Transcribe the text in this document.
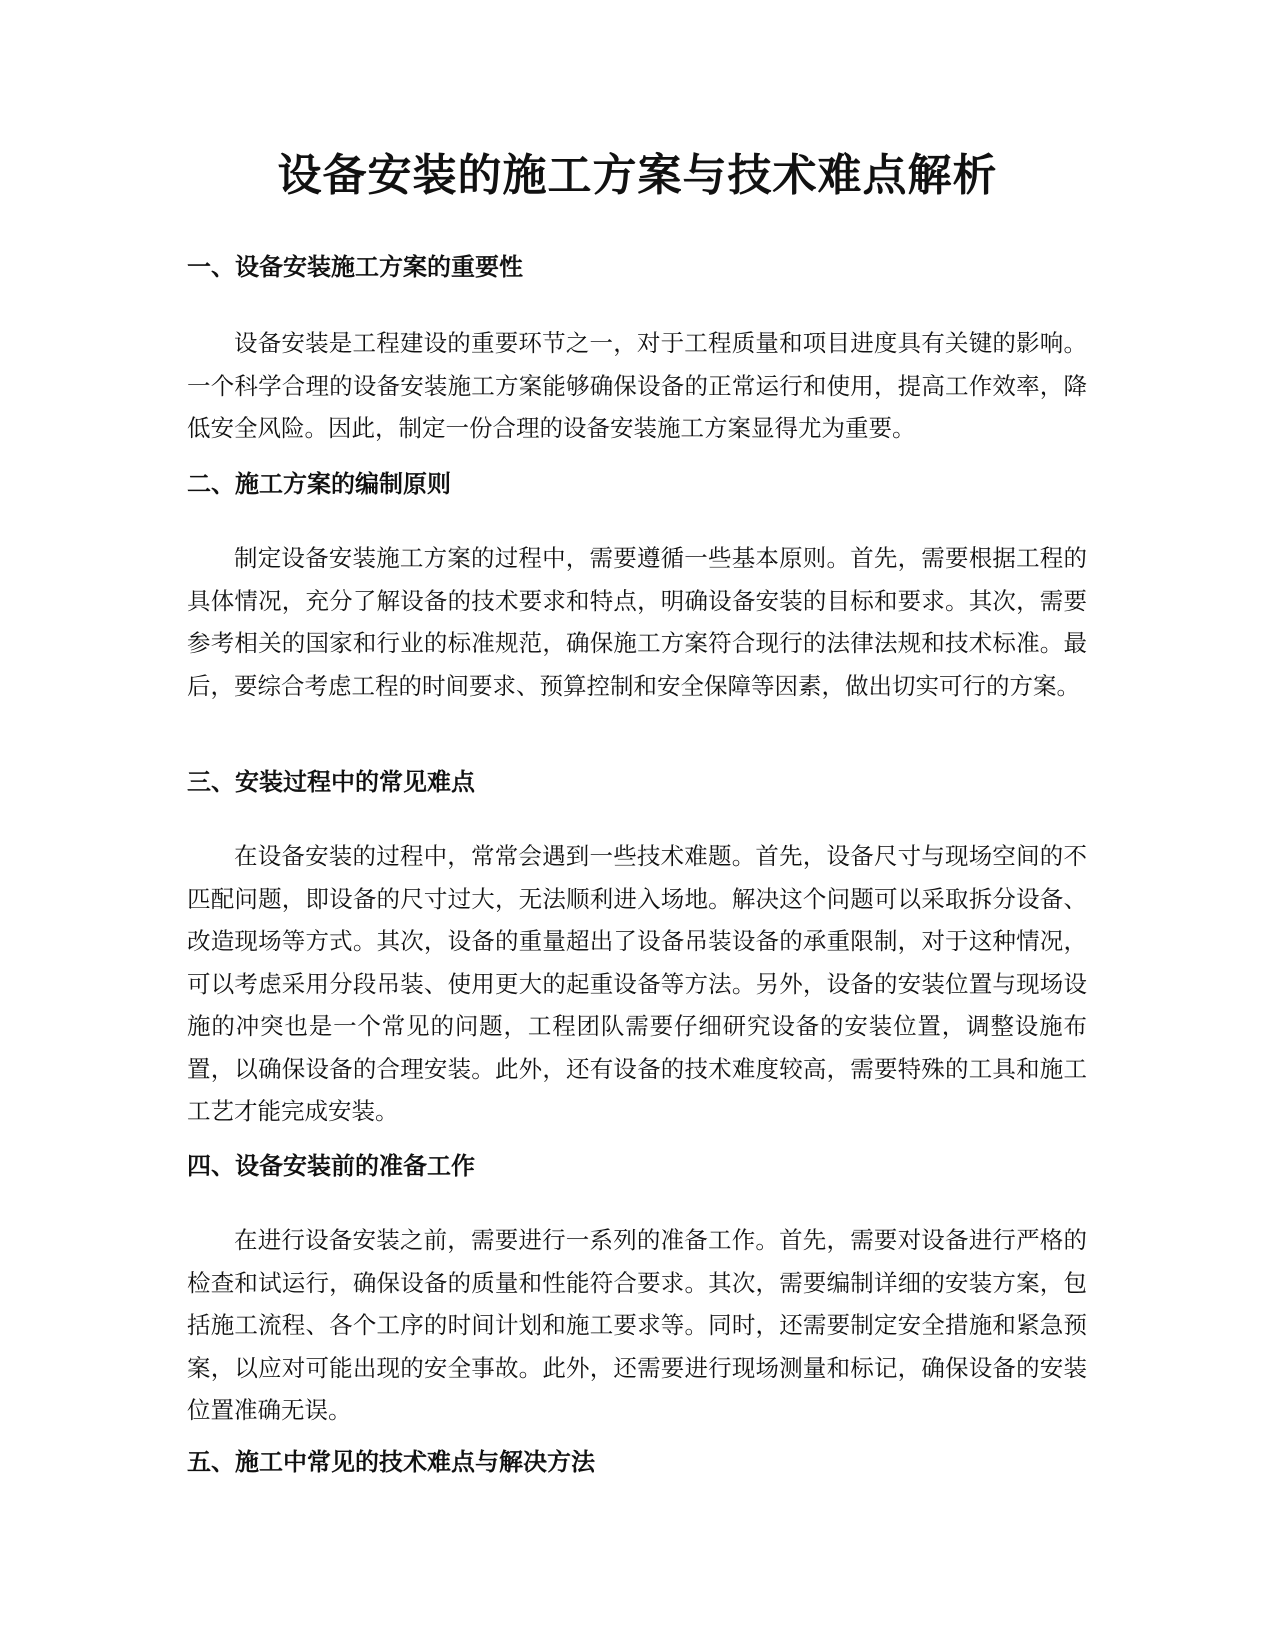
设备安装的施工方案与技术难点解析
一、设备安装施工方案的重要性

设备安装是工程建设的重要环节之一，对于工程质量和项目进度具有关键的影响。一个科学合理的设备安装施工方案能够确保设备的正常运行和使用，提高工作效率，降低安全风险。因此，制定一份合理的设备安装施工方案显得尤为重要。

二、施工方案的编制原则

制定设备安装施工方案的过程中，需要遵循一些基本原则。首先，需要根据工程的具体情况，充分了解设备的技术要求和特点，明确设备安装的目标和要求。其次，需要参考相关的国家和行业的标准规范，确保施工方案符合现行的法律法规和技术标准。最后，要综合考虑工程的时间要求、预算控制和安全保障等因素，做出切实可行的方案。

三、安装过程中的常见难点

在设备安装的过程中，常常会遇到一些技术难题。首先，设备尺寸与现场空间的不匹配问题，即设备的尺寸过大，无法顺利进入场地。解决这个问题可以采取拆分设备、改造现场等方式。其次，设备的重量超出了设备吊装设备的承重限制，对于这种情况，可以考虑采用分段吊装、使用更大的起重设备等方法。另外，设备的安装位置与现场设施的冲突也是一个常见的问题，工程团队需要仔细研究设备的安装位置，调整设施布置，以确保设备的合理安装。此外，还有设备的技术难度较高，需要特殊的工具和施工工艺才能完成安装。

四、设备安装前的准备工作

在进行设备安装之前，需要进行一系列的准备工作。首先，需要对设备进行严格的检查和试运行，确保设备的质量和性能符合要求。其次，需要编制详细的安装方案，包括施工流程、各个工序的时间计划和施工要求等。同时，还需要制定安全措施和紧急预案，以应对可能出现的安全事故。此外，还需要进行现场测量和标记，确保设备的安装位置准确无误。

五、施工中常见的技术难点与解决方法
